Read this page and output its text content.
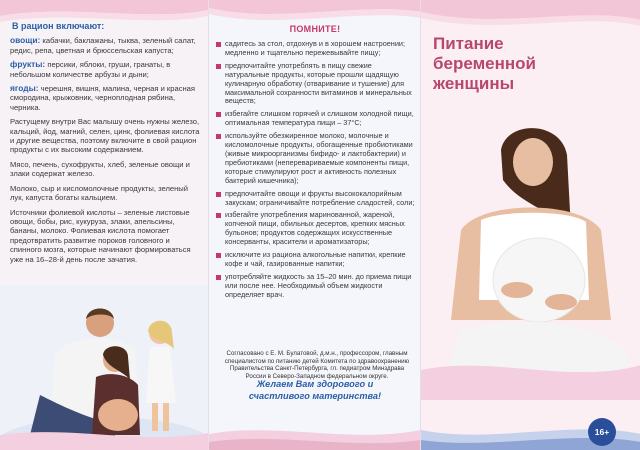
В рацион включают:

овощи: кабачки, баклажаны, тыква, зеленый салат, редис, репа, цветная и брюссельская капуста;

фрукты: персики, яблоки, груши, гранаты, в небольшом количестве арбузы и дыни;

ягоды: черешня, вишня, малина, черная и красная смородина, крыжовник, черноплодная рябина, черника.

Растущему внутри Вас малышу очень нужны железо, кальций, йод, магний, селен, цинк, фолиевая кислота и другие вещества, поэтому включите в свой рацион продукты с их высоким содержанием.

Мясо, печень, сухофрукты, хлеб, зеленые овощи и злаки содержат железо.

Молоко, сыр и кисломолочные продукты, зеленый лук, капуста богаты кальцием.

Источники фолиевой кислоты – зеленые листовые овощи, бобы, рис, кукуруза, злаки, апельсины, бананы, молоко. Фолиевая кислота помогает предотвратить развитие пороков головного и спинного мозга, которые начинают формироваться уже на 16–28-й день после зачатия.

ПОМНИТЕ!
садитесь за стол, отдохнув и в хорошем настроении; медленно и тщательно пережевывайте пищу;
предпочитайте употреблять в пищу свежие натуральные продукты, которые прошли щадящую кулинарную обработку (отваривание и тушение) для максимальной сохранности витаминов и минеральных веществ;
избегайте слишком горячей и слишком холодной пищи, оптимальная температура пищи – 37°С;
используйте обезжиренное молоко, молочные и кисломолочные продукты, обогащенные пробиотиками (живые микроорганизмы бифидо- и лактобактерии) и пребиотиками (неперевариваемые компоненты пищи, которые стимулируют рост и активность полезных бактерий кишечника);
предпочитайте овощи и фрукты высококалорийным закускам; ограничивайте потребление сладостей, соли;
избегайте употребления маринованной, жареной, копченой пищи, обильных десертов, крепких мясных бульонов; продуктов содержащих искусственные консерванты, красители и ароматизаторы;
исключите из рациона алкогольные напитки, крепкие кофе и чай, газированные напитки;
употребляйте жидкость за 15–20 мин. до приема пищи или после нее. Необходимый объем жидкости определяет врач.
Согласовано с Е. М. Булатовой, д.м.н., профессором, главным специалистом по питанию детей Комитета по здравоохранению Правительства Санкт-Петербурга, гл. педиатром Минздрава России в Северо-Западном федеральном округе.
Желаем Вам здорового и
счастливого материнства!
Питание
беременной
женщины
16+
